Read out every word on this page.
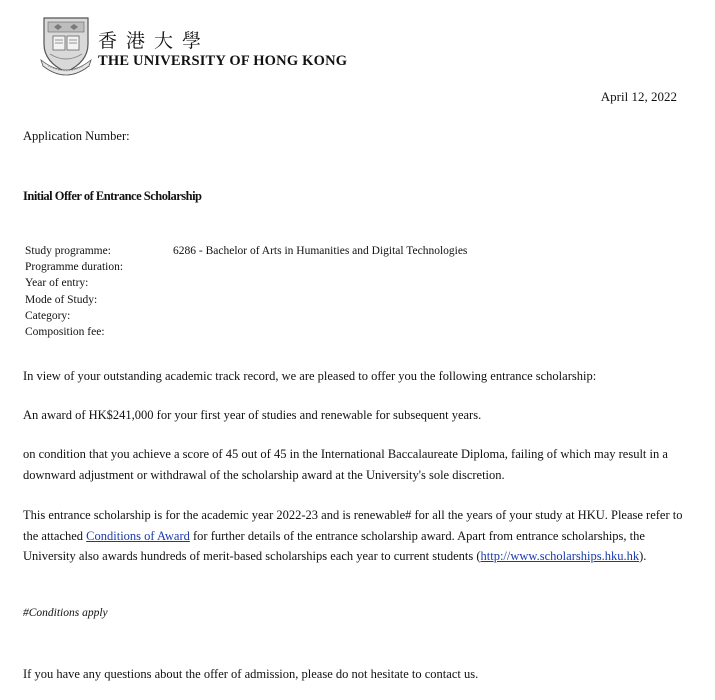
香港大學
THE UNIVERSITY OF HONG KONG
April 12, 2022
Application Number:
Initial Offer of Entrance Scholarship
Study programme:	6286 - Bachelor of Arts in Humanities and Digital Technologies
Programme duration:
Year of entry:
Mode of Study:
Category:
Composition fee:
In view of your outstanding academic track record, we are pleased to offer you the following entrance scholarship:
An award of HK$241,000 for your first year of studies and renewable for subsequent years.
on condition that you achieve a score of 45 out of 45 in the International Baccalaureate Diploma, failing of which may result in a downward adjustment or withdrawal of the scholarship award at the University's sole discretion.
This entrance scholarship is for the academic year 2022-23 and is renewable# for all the years of your study at HKU. Please refer to the attached Conditions of Award for further details of the entrance scholarship award. Apart from entrance scholarships, the University also awards hundreds of merit-based scholarships each year to current students (http://www.scholarships.hku.hk).
#Conditions apply
If you have any questions about the offer of admission, please do not hesitate to contact us.
